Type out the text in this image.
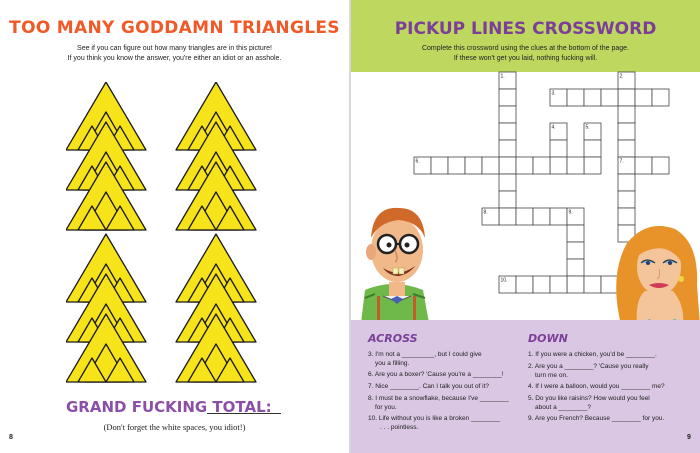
TOO MANY GODDAMN TRIANGLES
See if you can figure out how many triangles are in this picture!
If you think you know the answer, you're either an idiot or an asshole.
GRAND FUCKING TOTAL:
(Don't forget the white spaces, you idiot!)
8
PICKUP LINES CROSSWORD
Complete this crossword using the clues at the bottom of the page.
If these won't get you laid, nothing fucking will.
1.	2.
3.
4.	5.
6.	7.
8.	9.
10.
ACROSS	DOWN
3. I'm not a _________, but I could give
you a filling.
6. Are you a boxer? 'Cause you're a ________!
7. Nice ________. Can I talk you out of it?
8. I must be a snowflake, because I've ________
for you.
10. Life without you is like a broken ________
. . . pointless.
1. If you were a chicken, you'd be ________.
2. Are you a ________? 'Cause you really
turn me on.
4. If I were a balloon, would you ________ me?
5. Do you like raisins? How would you feel
about a ________?
9. Are you French? Because ________ for you.
9
